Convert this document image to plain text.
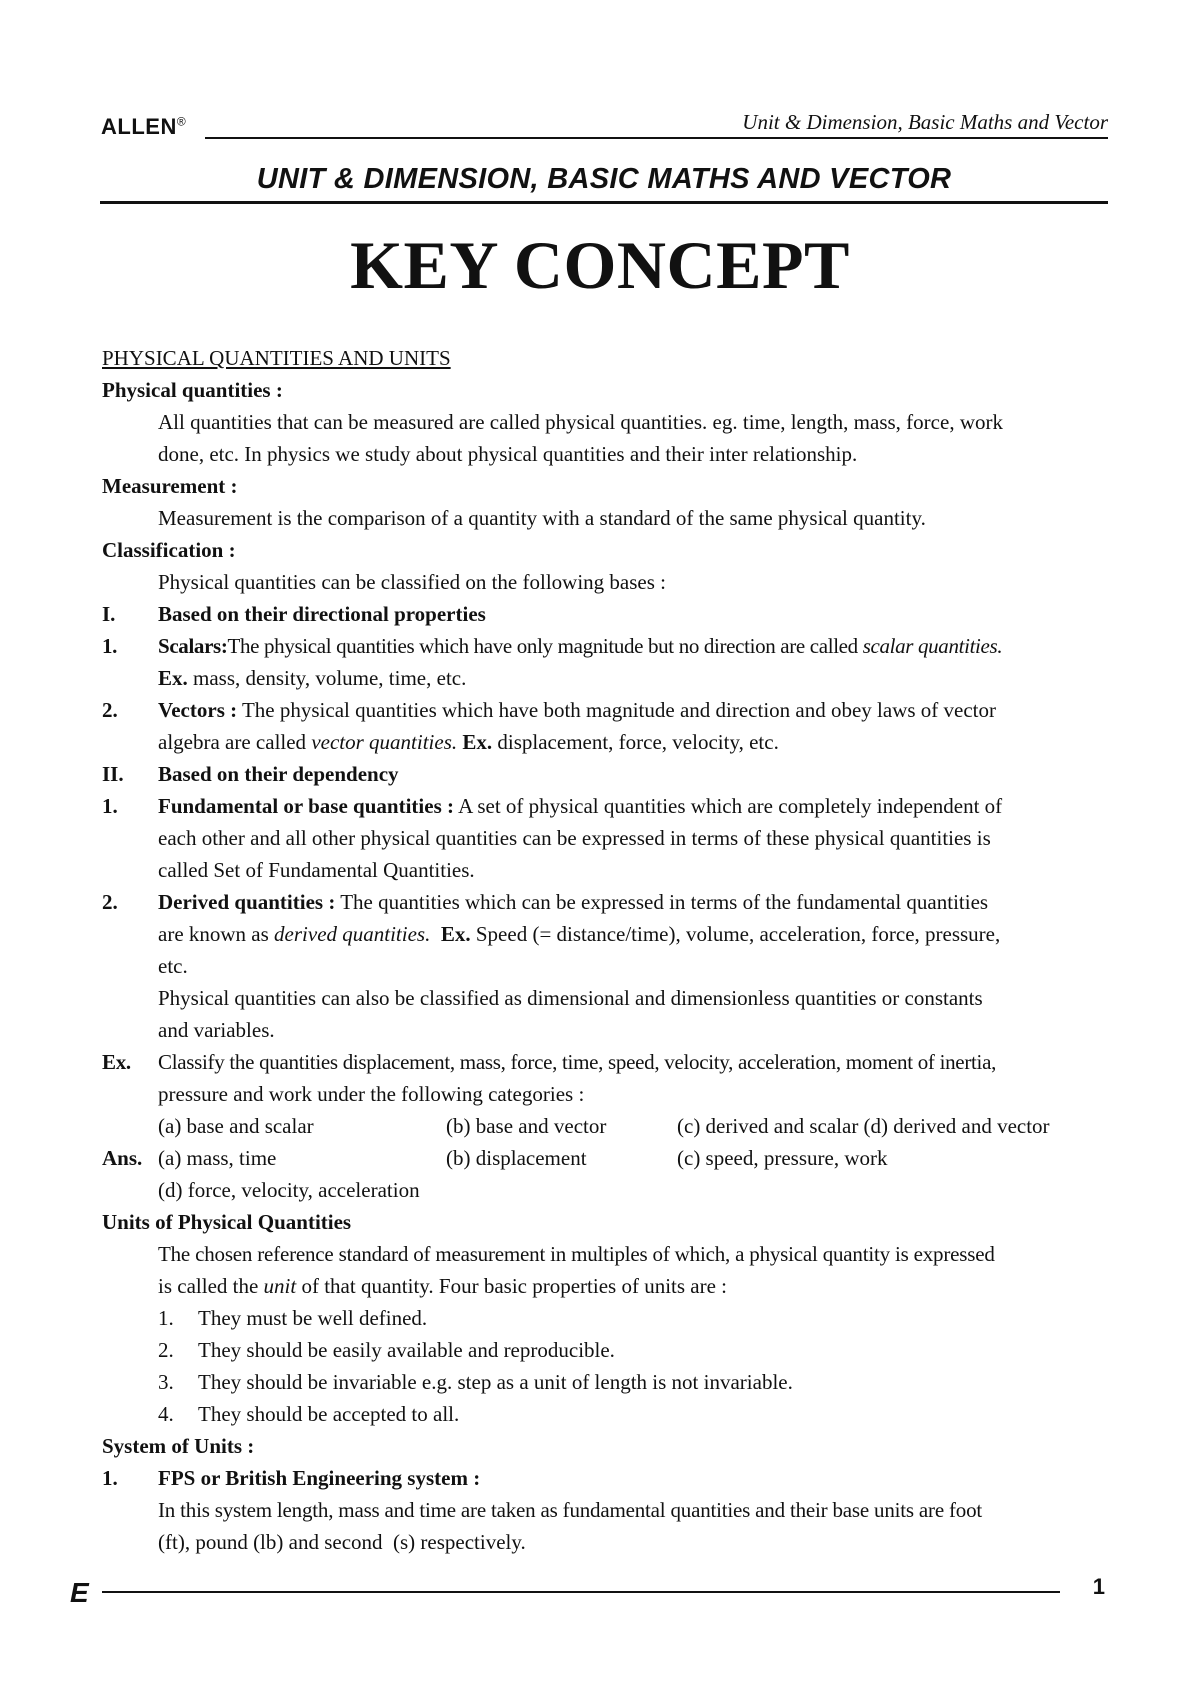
ALLEN®	Unit & Dimension, Basic Maths and Vector
UNIT & DIMENSION, BASIC MATHS AND VECTOR
KEY CONCEPT
PHYSICAL QUANTITIES AND UNITS
Physical quantities :
All quantities that can be measured are called physical quantities. eg. time, length, mass, force, work
done, etc. In physics we study about physical quantities and their inter relationship.
Measurement :
Measurement is the comparison of a quantity with a standard of the same physical quantity.
Classification :
Physical quantities can be classified on the following bases :
I. Based on their directional properties
1. Scalars:The physical quantities which have only magnitude but no direction are called scalar quantities.
Ex. mass, density, volume, time, etc.
2. Vectors : The physical quantities which have both magnitude and direction and obey laws of vector
algebra are called vector quantities. Ex. displacement, force, velocity, etc.
II. Based on their dependency
1. Fundamental or base quantities : A set of physical quantities which are completely independent of
each other and all other physical quantities can be expressed in terms of these physical quantities is
called Set of Fundamental Quantities.
2. Derived quantities : The quantities which can be expressed in terms of the fundamental quantities
are known as derived quantities.  Ex. Speed (= distance/time), volume, acceleration, force, pressure,
etc.
Physical quantities can also be classified as dimensional and dimensionless quantities or constants
and variables.
Ex. Classify the quantities displacement, mass, force, time, speed, velocity, acceleration, moment of inertia,
pressure and work under the following categories :
(a) base and scalar	(b) base and vector	(c) derived and scalar (d) derived and vector
Ans. (a) mass, time	(b) displacement	(c) speed, pressure, work
(d) force, velocity, acceleration
Units of Physical Quantities
The chosen reference standard of measurement in multiples of which, a physical quantity is expressed
is called the unit of that quantity. Four basic properties of units are :
1. They must be well defined.
2. They should be easily available and reproducible.
3. They should be invariable e.g. step as a unit of length is not invariable.
4. They should be accepted to all.
System of Units :
1. FPS or British Engineering system :
In this system length, mass and time are taken as fundamental quantities and their base units are foot
(ft), pound (lb) and second  (s) respectively.
E	1
